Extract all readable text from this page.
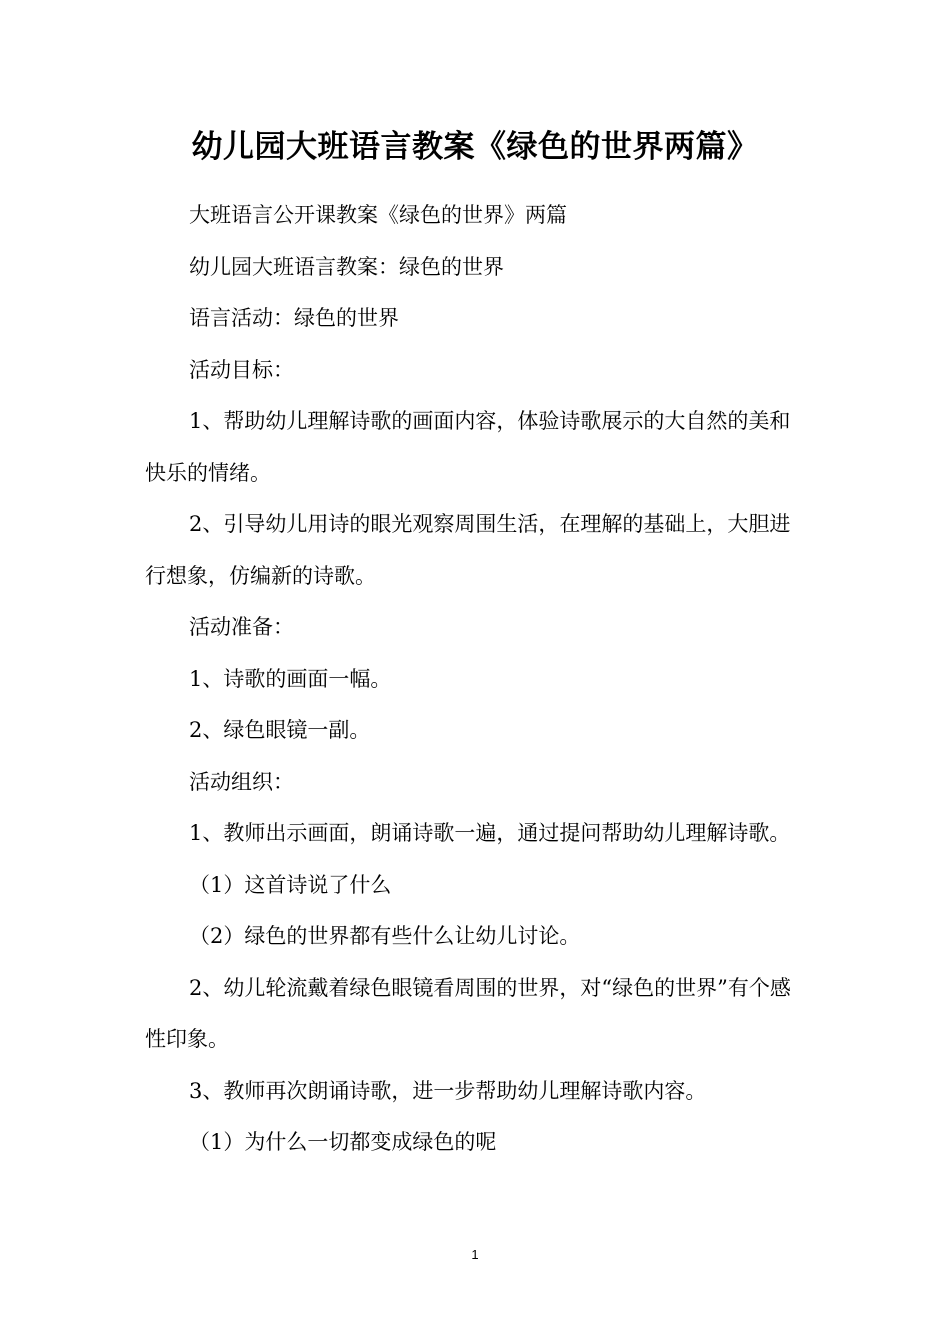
幼儿园大班语言教案《绿色的世界两篇》

大班语言公开课教案《绿色的世界》两篇

幼儿园大班语言教案：绿色的世界

语言活动：绿色的世界

活动目标：

1、帮助幼儿理解诗歌的画面内容，体验诗歌展示的大自然的美和快乐的情绪。

2、引导幼儿用诗的眼光观察周围生活，在理解的基础上，大胆进行想象，仿编新的诗歌。

活动准备：

1、诗歌的画面一幅。

2、绿色眼镜一副。

活动组织：

1、教师出示画面，朗诵诗歌一遍，通过提问帮助幼儿理解诗歌。

（1）这首诗说了什么

（2）绿色的世界都有些什么让幼儿讨论。

2、幼儿轮流戴着绿色眼镜看周围的世界，对“绿色的世界”有个感性印象。

3、教师再次朗诵诗歌，进一步帮助幼儿理解诗歌内容。

（1）为什么一切都变成绿色的呢

1
